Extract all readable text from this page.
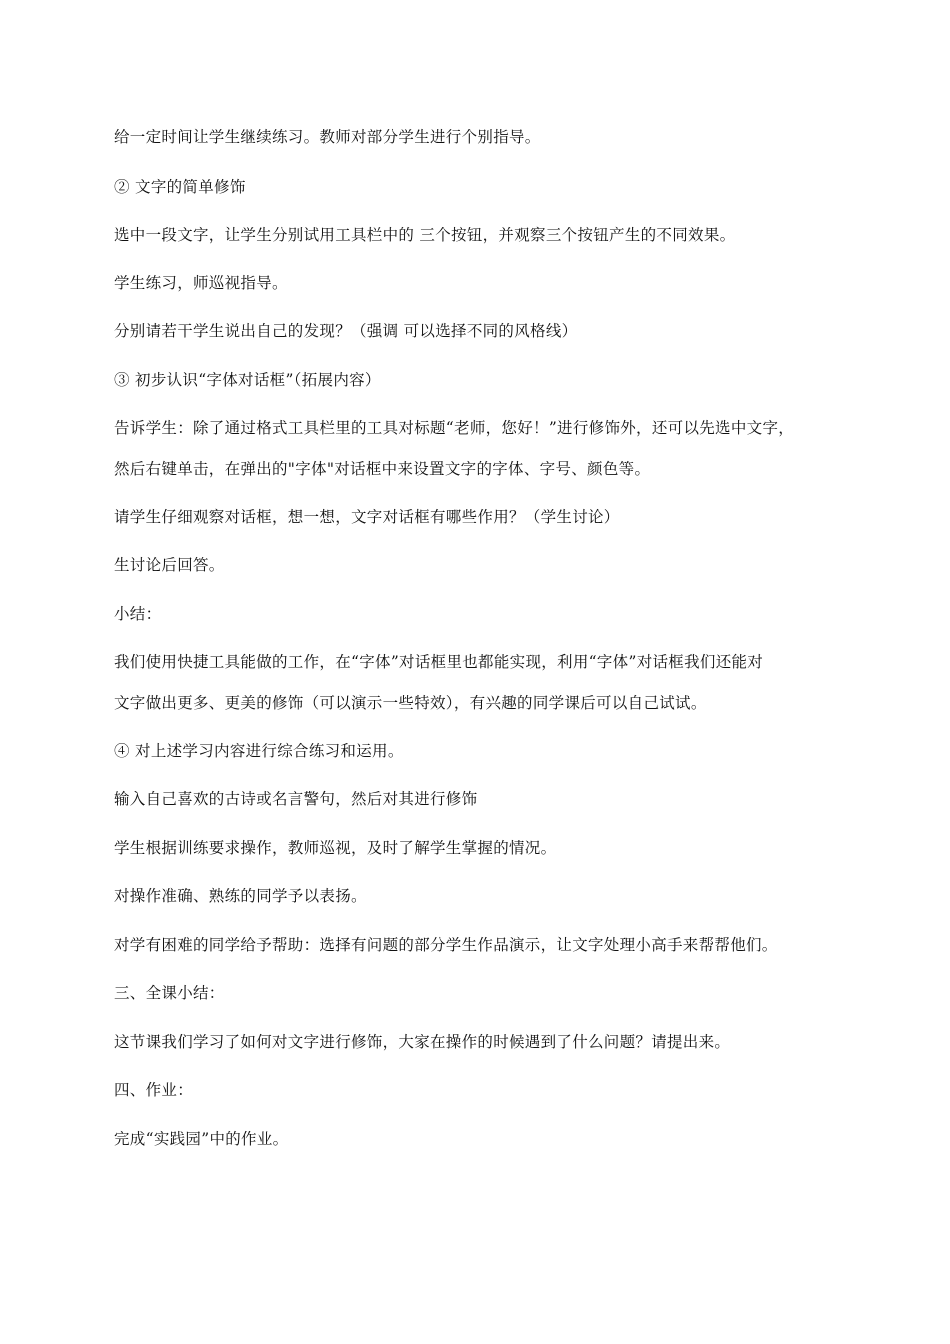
给一定时间让学生继续练习。教师对部分学生进行个别指导。
② 文字的简单修饰
选中一段文字，让学生分别试用工具栏中的 三个按钮，并观察三个按钮产生的不同效果。
学生练习，师巡视指导。
分别请若干学生说出自己的发现？（强调 可以选择不同的风格线）
③ 初步认识“字体对话框”（拓展内容）
告诉学生：除了通过格式工具栏里的工具对标题“老师，您好！”进行修饰外，还可以先选中文字，
然后右键单击，在弹出的"字体"对话框中来设置文字的字体、字号、颜色等。
请学生仔细观察对话框，想一想，文字对话框有哪些作用？（学生讨论）
生讨论后回答。
小结：
我们使用快捷工具能做的工作，在“字体”对话框里也都能实现，利用“字体”对话框我们还能对
文字做出更多、更美的修饰（可以演示一些特效），有兴趣的同学课后可以自己试试。
④ 对上述学习内容进行综合练习和运用。
输入自己喜欢的古诗或名言警句，然后对其进行修饰
学生根据训练要求操作，教师巡视，及时了解学生掌握的情况。
对操作准确、熟练的同学予以表扬。
对学有困难的同学给予帮助：选择有问题的部分学生作品演示，让文字处理小高手来帮帮他们。
三、全课小结：
这节课我们学习了如何对文字进行修饰，大家在操作的时候遇到了什么问题？请提出来。
四、作业：
完成“实践园”中的作业。
